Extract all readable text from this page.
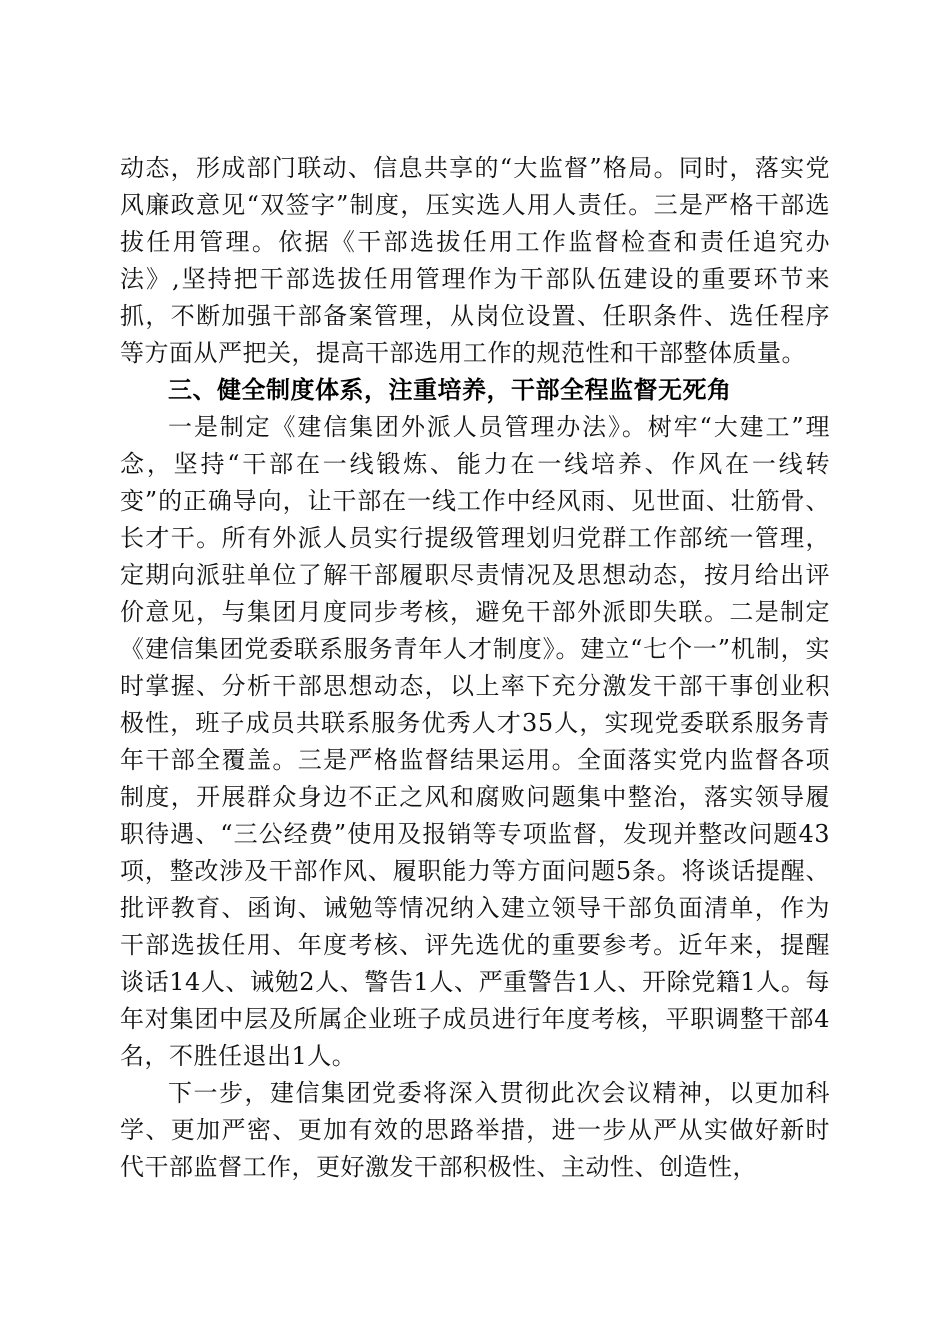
动态，形成部门联动、信息共享的“大监督”格局。同时，落实党风廉政意见“双签字”制度，压实选人用人责任。三是严格干部选拔任用管理。依据《干部选拔任用工作监督检查和责任追究办法》,坚持把干部选拔任用管理作为干部队伍建设的重要环节来抓，不断加强干部备案管理，从岗位设置、任职条件、选任程序等方面从严把关，提高干部选用工作的规范性和干部整体质量。

三、健全制度体系，注重培养，干部全程监督无死角

一是制定《建信集团外派人员管理办法》。树牢“大建工”理念，坚持“干部在一线锻炼、能力在一线培养、作风在一线转变”的正确导向，让干部在一线工作中经风雨、见世面、壮筋骨、长才干。所有外派人员实行提级管理划归党群工作部统一管理，定期向派驻单位了解干部履职尽责情况及思想动态，按月给出评价意见，与集团月度同步考核，避免干部外派即失联。二是制定《建信集团党委联系服务青年人才制度》。建立“七个一”机制，实时掌握、分析干部思想动态，以上率下充分激发干部干事创业积极性，班子成员共联系服务优秀人才35人，实现党委联系服务青年干部全覆盖。三是严格监督结果运用。全面落实党内监督各项制度，开展群众身边不正之风和腐败问题集中整治，落实领导履职待遇、“三公经费”使用及报销等专项监督，发现并整改问题43项，整改涉及干部作风、履职能力等方面问题5条。将谈话提醒、批评教育、函询、诫勉等情况纳入建立领导干部负面清单，作为干部选拔任用、年度考核、评先选优的重要参考。近年来，提醒谈话14人、诫勉2人、警告1人、严重警告1人、开除党籍1人。每年对集团中层及所属企业班子成员进行年度考核，平职调整干部4名，不胜任退出1人。

下一步，建信集团党委将深入贯彻此次会议精神，以更加科学、更加严密、更加有效的思路举措，进一步从严从实做好新时代干部监督工作，更好激发干部积极性、主动性、创造性，
